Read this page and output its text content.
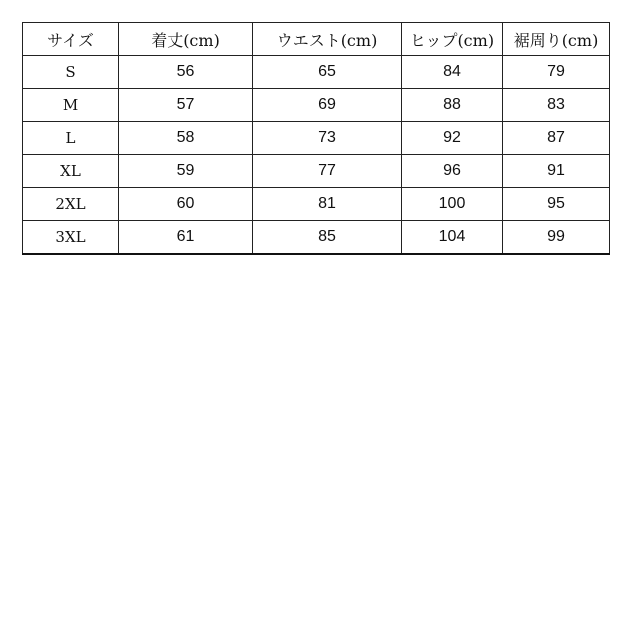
サイズ	着丈(cm)	ウエスト(cm)	ヒップ(cm)	裾周り(cm)
S	56	65	84	79
M	57	69	88	83
L	58	73	92	87
XL	59	77	96	91
2XL	60	81	100	95
3XL	61	85	104	99
